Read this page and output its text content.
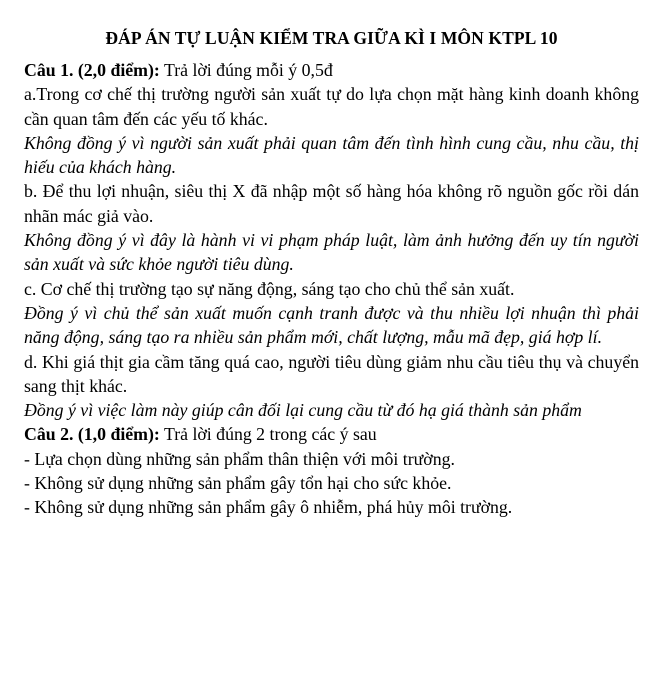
ĐÁP ÁN TỰ LUẬN KIỂM TRA GIỮA KÌ I MÔN KTPL 10

Câu 1. (2,0 điểm): Trả lời đúng mỗi ý 0,5đ

a.Trong cơ chế thị trường người sản xuất tự do lựa chọn mặt hàng kinh doanh không cần quan tâm đến các yếu tố khác.

Không đồng ý vì người sản xuất phải quan tâm đến tình hình cung cầu, nhu cầu, thị hiếu của khách hàng.

b. Để thu lợi nhuận, siêu thị X đã nhập một số hàng hóa không rõ nguồn gốc rồi dán nhãn mác giả vào.

Không đồng ý vì đây là hành vi vi phạm pháp luật, làm ảnh hưởng đến uy tín người sản xuất và sức khỏe người tiêu dùng.

c. Cơ chế thị trường tạo sự năng động, sáng tạo cho chủ thể sản xuất.

Đồng ý vì chủ thể sản xuất muốn cạnh tranh được và thu nhiều lợi nhuận thì phải năng động, sáng tạo ra nhiều sản phẩm mới, chất lượng, mẫu mã đẹp, giá hợp lí.

d. Khi giá thịt gia cầm tăng quá cao, người tiêu dùng giảm nhu cầu tiêu thụ và chuyển sang thịt khác.

Đồng ý vì việc làm này giúp cân đối lại cung cầu từ đó hạ giá thành sản phẩm

Câu 2. (1,0 điểm): Trả lời đúng 2 trong các ý sau

- Lựa chọn dùng những sản phẩm thân thiện với môi trường.

- Không sử dụng những sản phẩm gây tổn hại cho sức khỏe.

- Không sử dụng những sản phẩm gây ô nhiễm, phá hủy môi trường.
